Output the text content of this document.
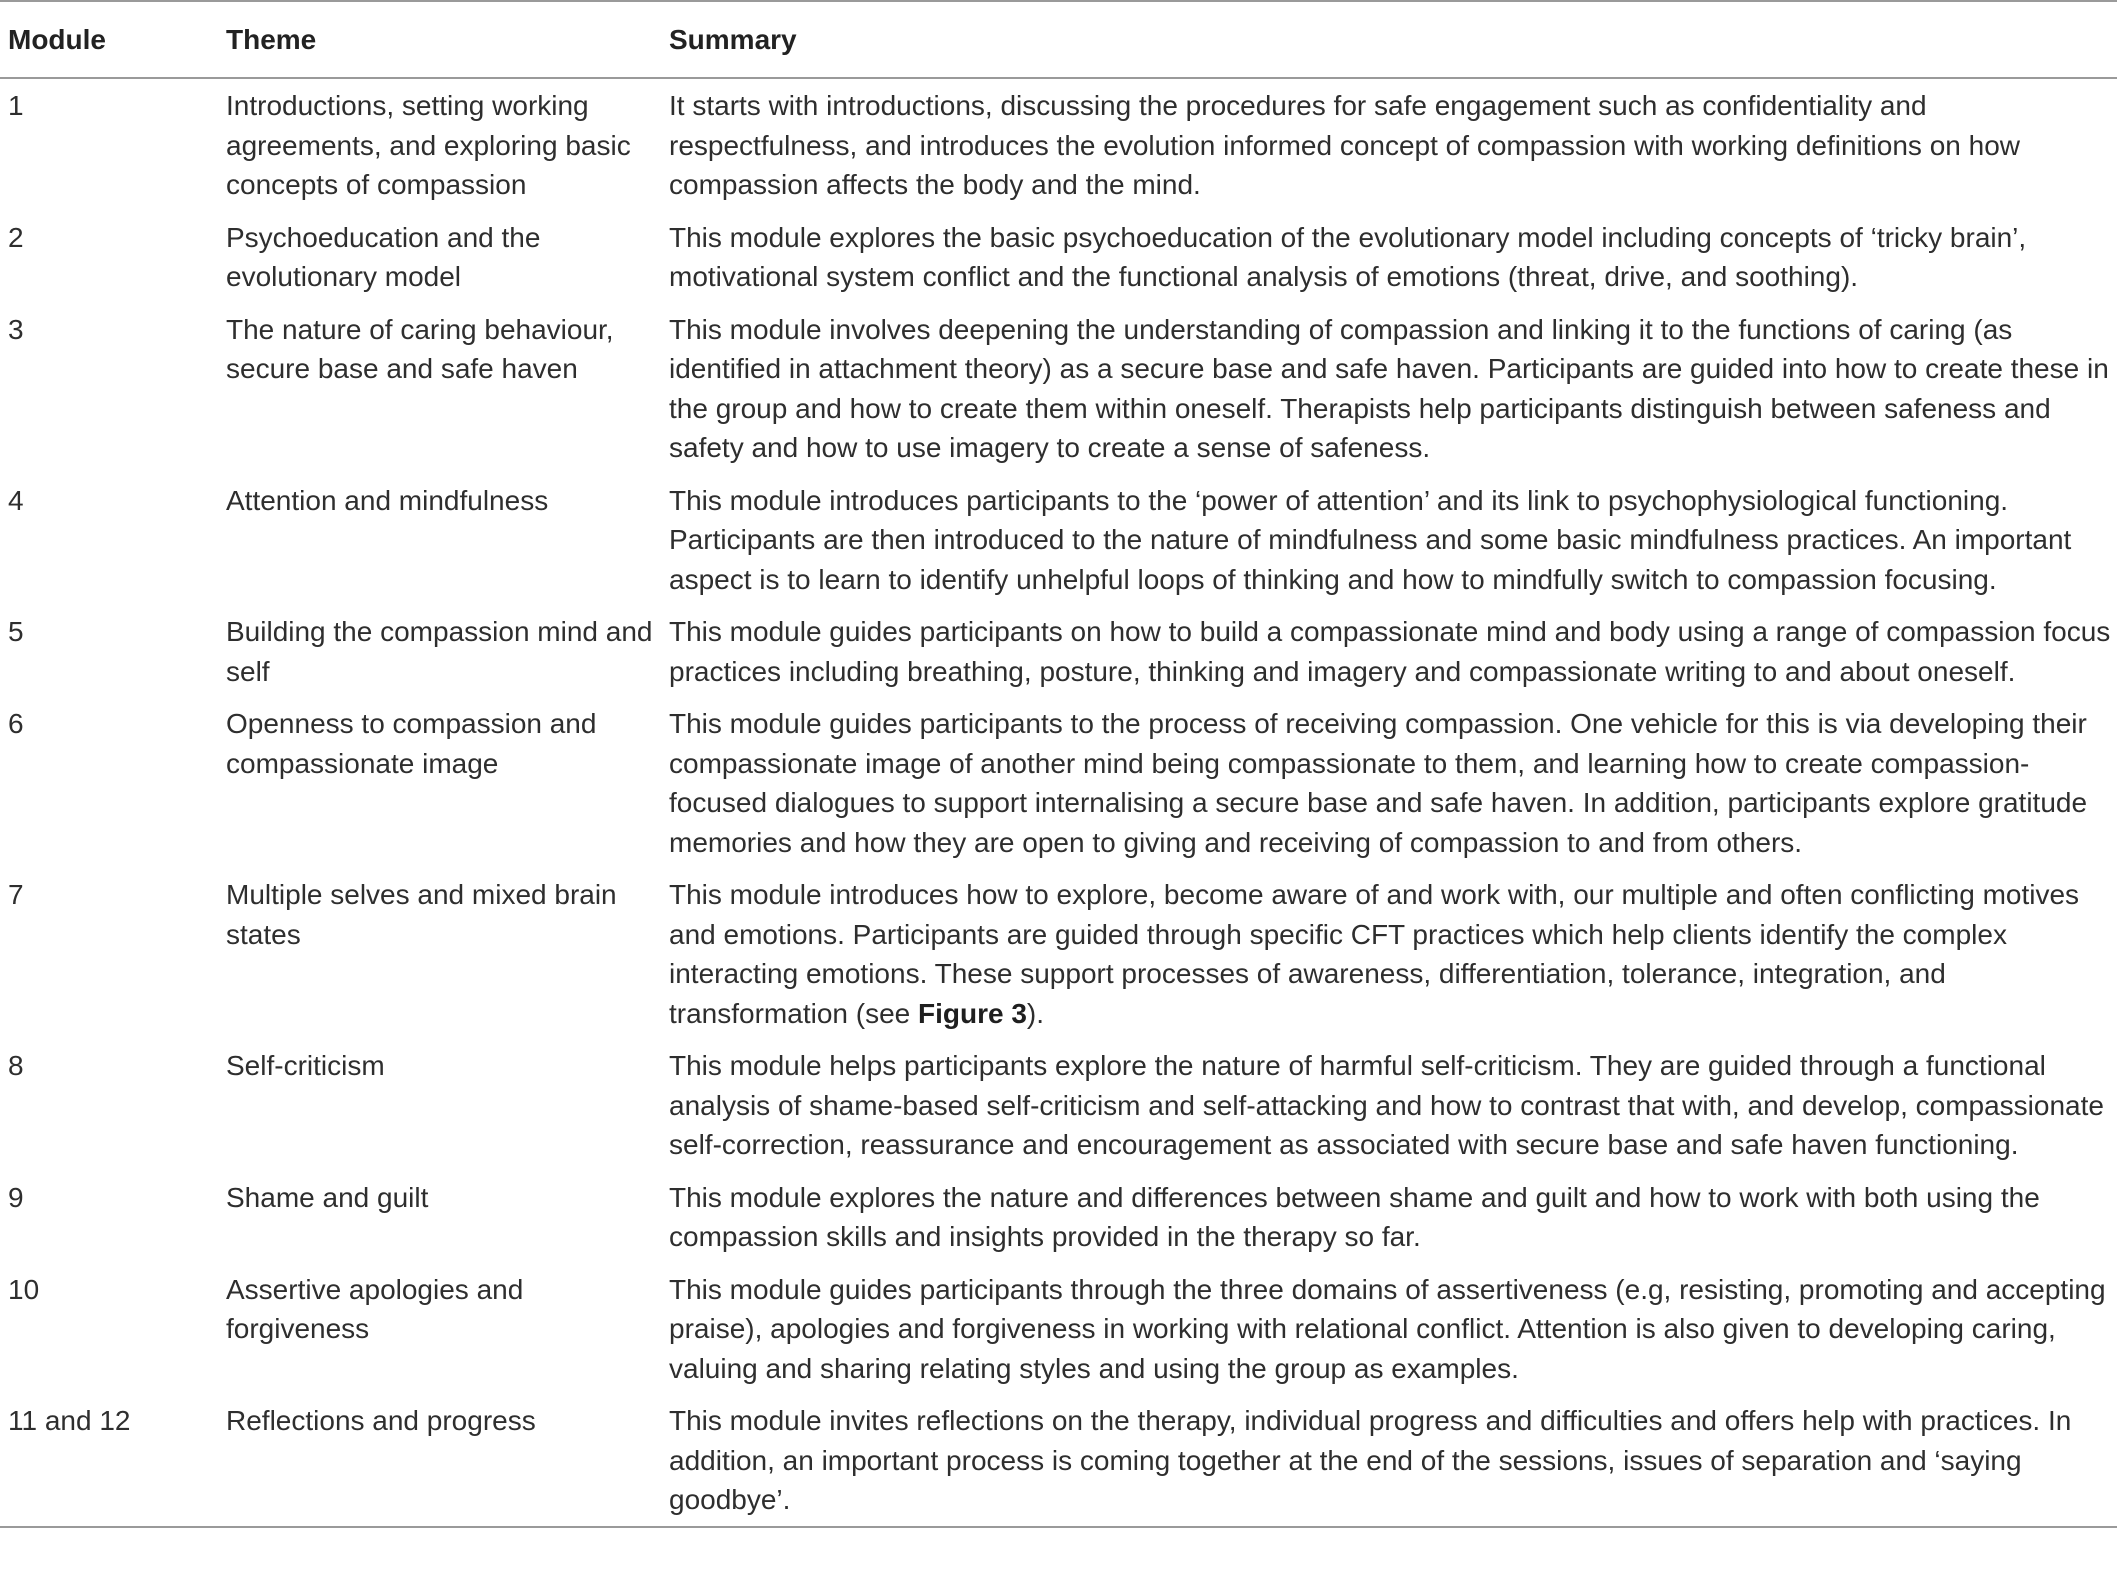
Module	Theme	Summary
1	Introductions, setting working agreements, and exploring basic concepts of compassion	It starts with introductions, discussing the procedures for safe engagement such as confidentiality and respectfulness, and introduces the evolution informed concept of compassion with working definitions on how compassion affects the body and the mind.
2	Psychoeducation and the evolutionary model	This module explores the basic psychoeducation of the evolutionary model including concepts of ‘tricky brain’, motivational system conflict and the functional analysis of emotions (threat, drive, and soothing).
3	The nature of caring behaviour, secure base and safe haven	This module involves deepening the understanding of compassion and linking it to the functions of caring (as identified in attachment theory) as a secure base and safe haven. Participants are guided into how to create these in the group and how to create them within oneself. Therapists help participants distinguish between safeness and safety and how to use imagery to create a sense of safeness.
4	Attention and mindfulness	This module introduces participants to the ‘power of attention’ and its link to psychophysiological functioning. Participants are then introduced to the nature of mindfulness and some basic mindfulness practices. An important aspect is to learn to identify unhelpful loops of thinking and how to mindfully switch to compassion focusing.
5	Building the compassion mind and self	This module guides participants on how to build a compassionate mind and body using a range of compassion focus practices including breathing, posture, thinking and imagery and compassionate writing to and about oneself.
6	Openness to compassion and compassionate image	This module guides participants to the process of receiving compassion. One vehicle for this is via developing their compassionate image of another mind being compassionate to them, and learning how to create compassion-focused dialogues to support internalising a secure base and safe haven. In addition, participants explore gratitude memories and how they are open to giving and receiving of compassion to and from others.
7	Multiple selves and mixed brain states	This module introduces how to explore, become aware of and work with, our multiple and often conflicting motives and emotions. Participants are guided through specific CFT practices which help clients identify the complex interacting emotions. These support processes of awareness, differentiation, tolerance, integration, and transformation (see Figure 3).
8	Self-criticism	This module helps participants explore the nature of harmful self-criticism. They are guided through a functional analysis of shame-based self-criticism and self-attacking and how to contrast that with, and develop, compassionate self-correction, reassurance and encouragement as associated with secure base and safe haven functioning.
9	Shame and guilt	This module explores the nature and differences between shame and guilt and how to work with both using the compassion skills and insights provided in the therapy so far.
10	Assertive apologies and forgiveness	This module guides participants through the three domains of assertiveness (e.g, resisting, promoting and accepting praise), apologies and forgiveness in working with relational conflict. Attention is also given to developing caring, valuing and sharing relating styles and using the group as examples.
11 and 12	Reflections and progress	This module invites reflections on the therapy, individual progress and difficulties and offers help with practices. In addition, an important process is coming together at the end of the sessions, issues of separation and ‘saying goodbye’.
